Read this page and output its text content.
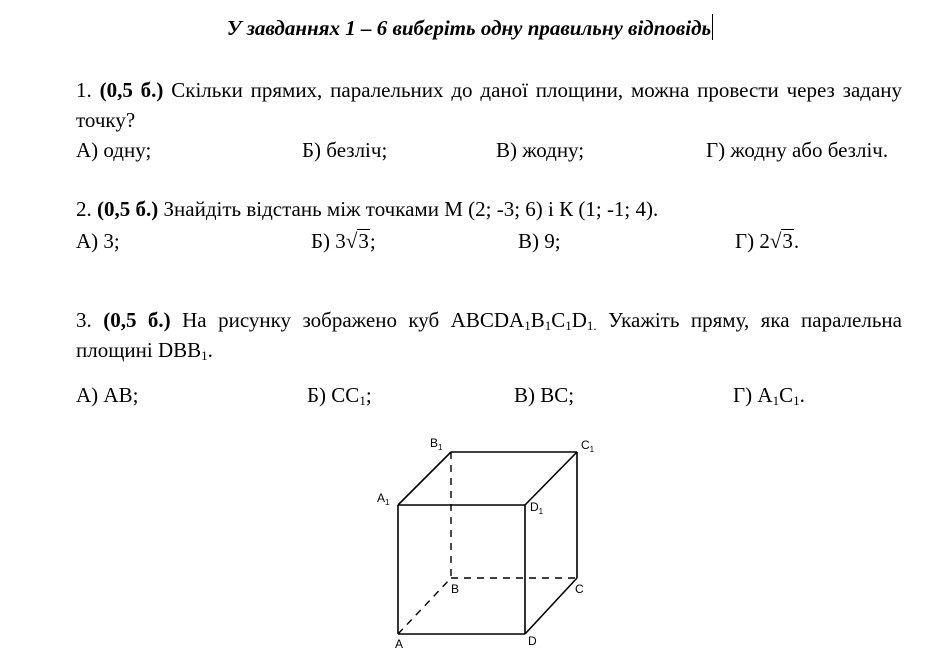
У завданнях 1 – 6 виберіть одну правильну відповідь
1. (0,5 б.) Скільки прямих, паралельних до даної площини, можна провести через задану точку?
А) одну;	Б) безліч;	В) жодну;	Г) жодну або безліч.
2. (0,5 б.) Знайдіть відстань між точками М (2; -3; 6) і К (1; -1; 4).
А) 3;	Б) 3√3;	В) 9;	Г) 2√3.
3. (0,5 б.) На рисунку зображено куб $ABCDA_1B_1C_1D_{1.}$ Укажіть пряму, яка паралельна площині $DBB_1$.
А) АВ;	Б) $СС_1$;	В) ВС;	Г) $А_1С_1$.
A
B	C
D
$A_1$
$B_1$	$C_1$
$D_1$
